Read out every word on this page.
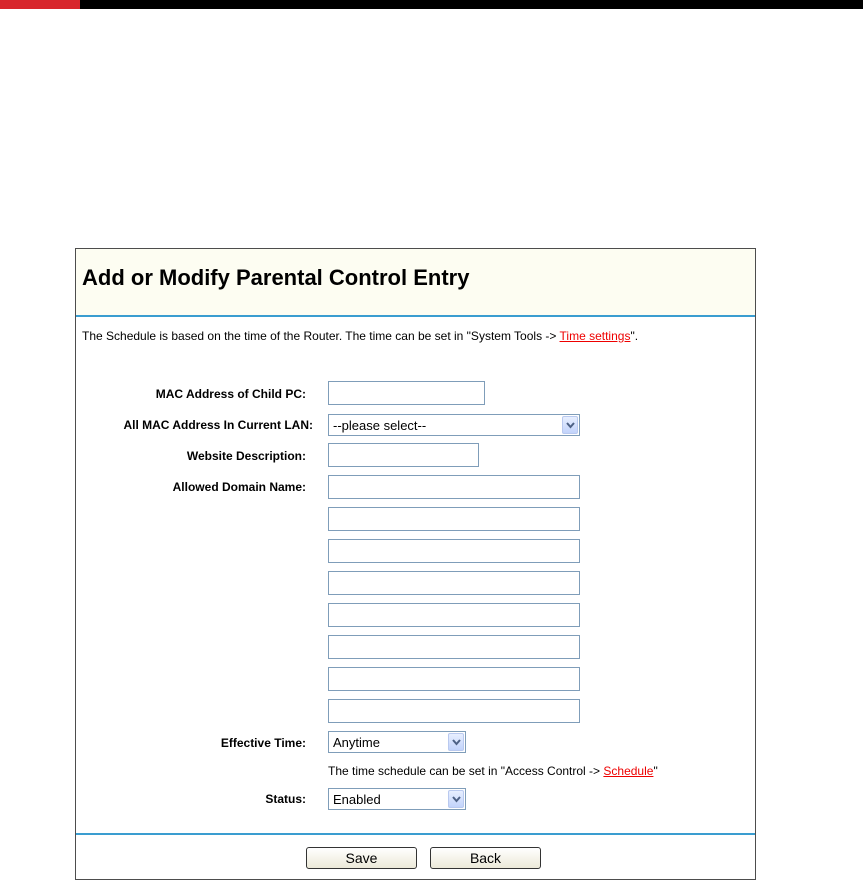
Add or Modify Parental Control Entry
The Schedule is based on the time of the Router. The time can be set in "System Tools -> Time settings".
MAC Address of Child PC:
All MAC Address In Current LAN: --please select--
Website Description:
Allowed Domain Name:
Effective Time: Anytime
The time schedule can be set in "Access Control -> Schedule"
Status: Enabled
Save	Back
